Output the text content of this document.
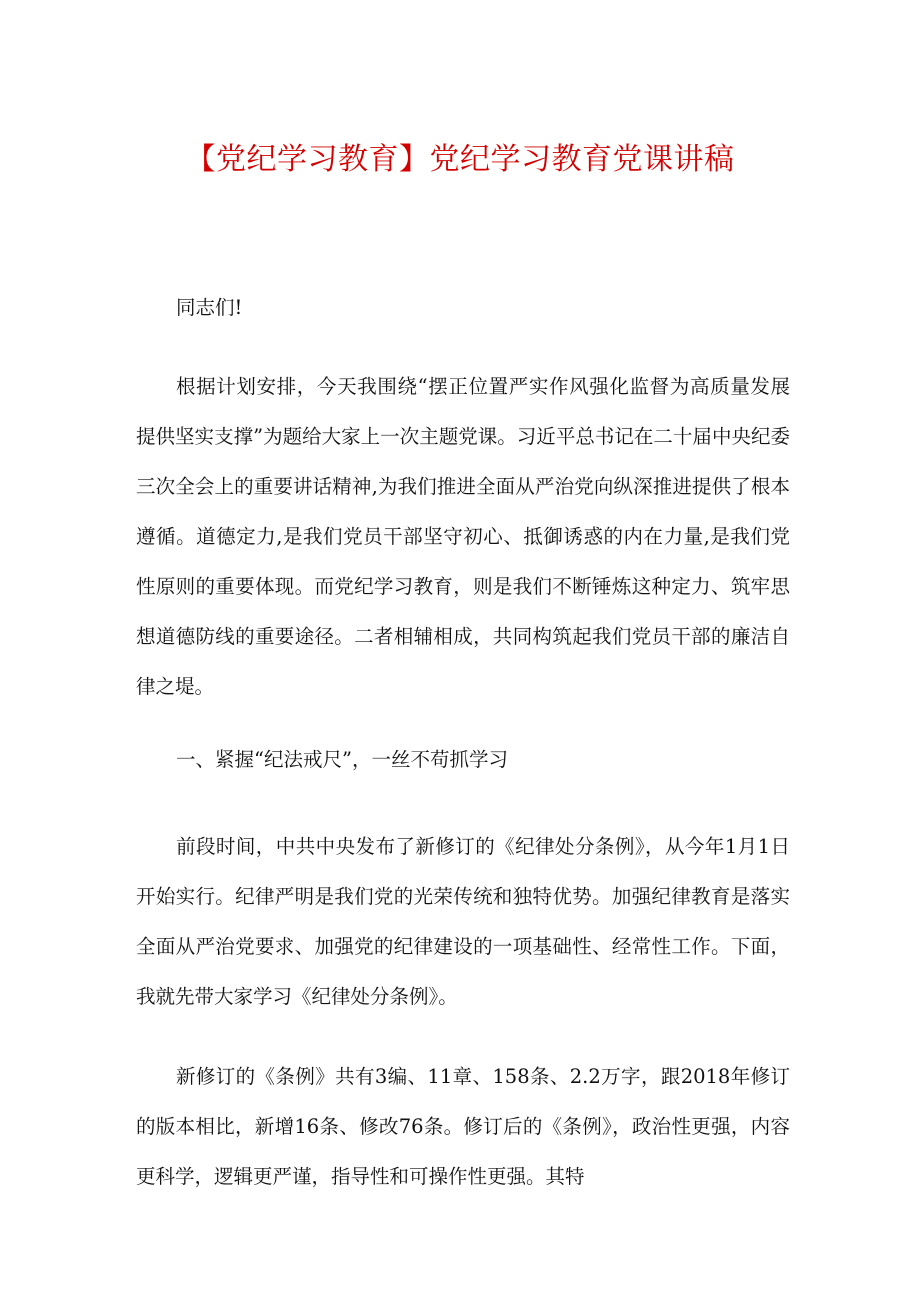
【党纪学习教育】党纪学习教育党课讲稿

同志们!

根据计划安排，今天我围绕“摆正位置严实作风强化监督为高质量发展提供坚实支撑”为题给大家上一次主题党课。习近平总书记在二十届中央纪委三次全会上的重要讲话精神,为我们推进全面从严治党向纵深推进提供了根本遵循。道德定力,是我们党员干部坚守初心、抵御诱惑的内在力量,是我们党性原则的重要体现。而党纪学习教育，则是我们不断锤炼这种定力、筑牢思想道德防线的重要途径。二者相辅相成，共同构筑起我们党员干部的廉洁自律之堤。

一、紧握“纪法戒尺”，一丝不苟抓学习

前段时间，中共中央发布了新修订的《纪律处分条例》，从今年1月1日开始实行。纪律严明是我们党的光荣传统和独特优势。加强纪律教育是落实全面从严治党要求、加强党的纪律建设的一项基础性、经常性工作。下面，我就先带大家学习《纪律处分条例》。

新修订的《条例》共有3编、11章、158条、2.2万字，跟2018年修订的版本相比，新增16条、修改76条。修订后的《条例》，政治性更强，内容更科学，逻辑更严谨，指导性和可操作性更强。其特
